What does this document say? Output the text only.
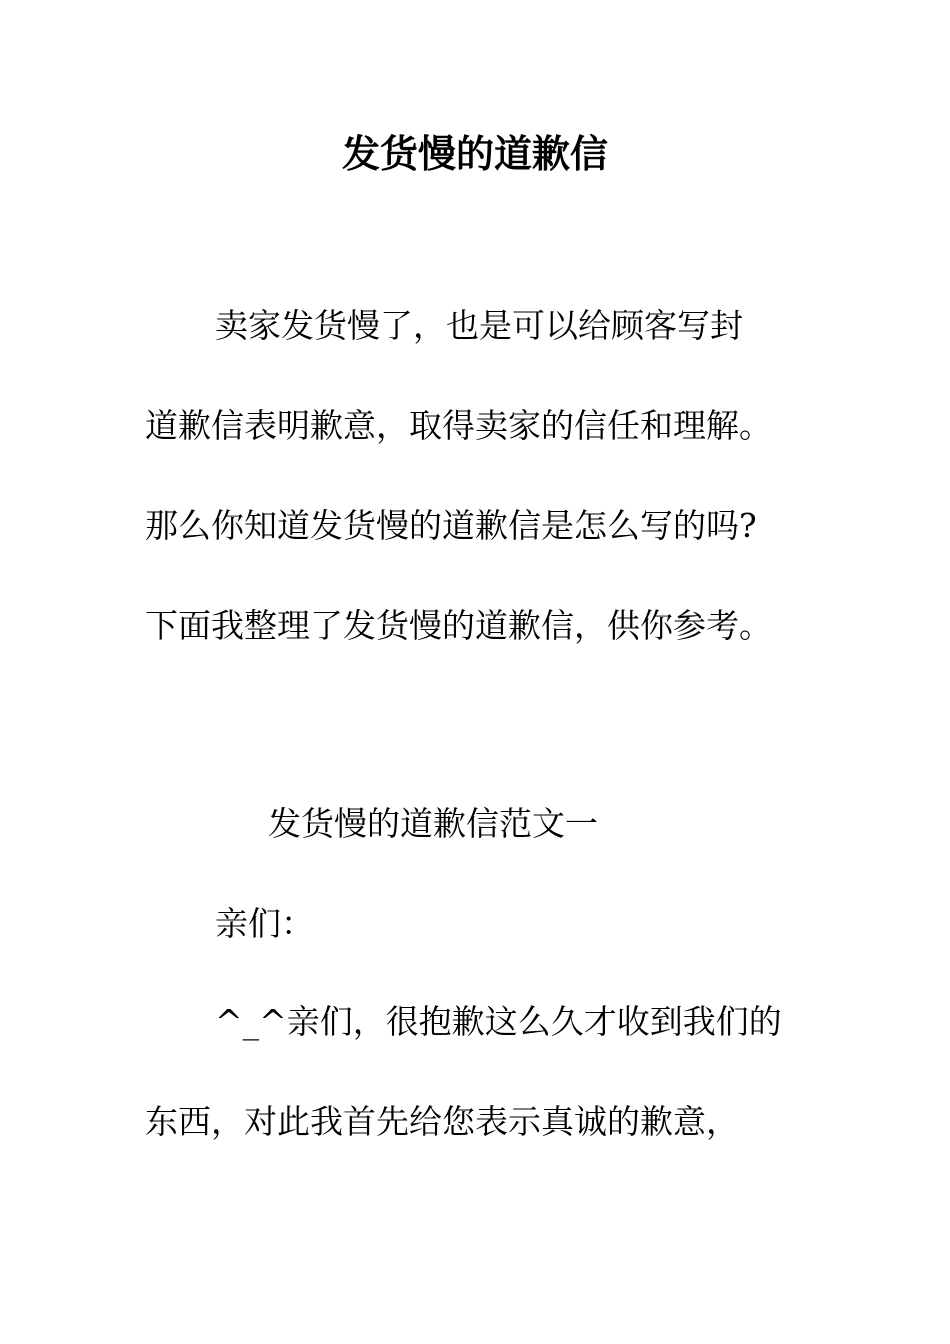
发货慢的道歉信
卖家发货慢了，也是可以给顾客写封
道歉信表明歉意，取得卖家的信任和理解。
那么你知道发货慢的道歉信是怎么写的吗?
下面我整理了发货慢的道歉信，供你参考。
发货慢的道歉信范文一
亲们：
^_^亲们，很抱歉这么久才收到我们的
东西，对此我首先给您表示真诚的歉意，
